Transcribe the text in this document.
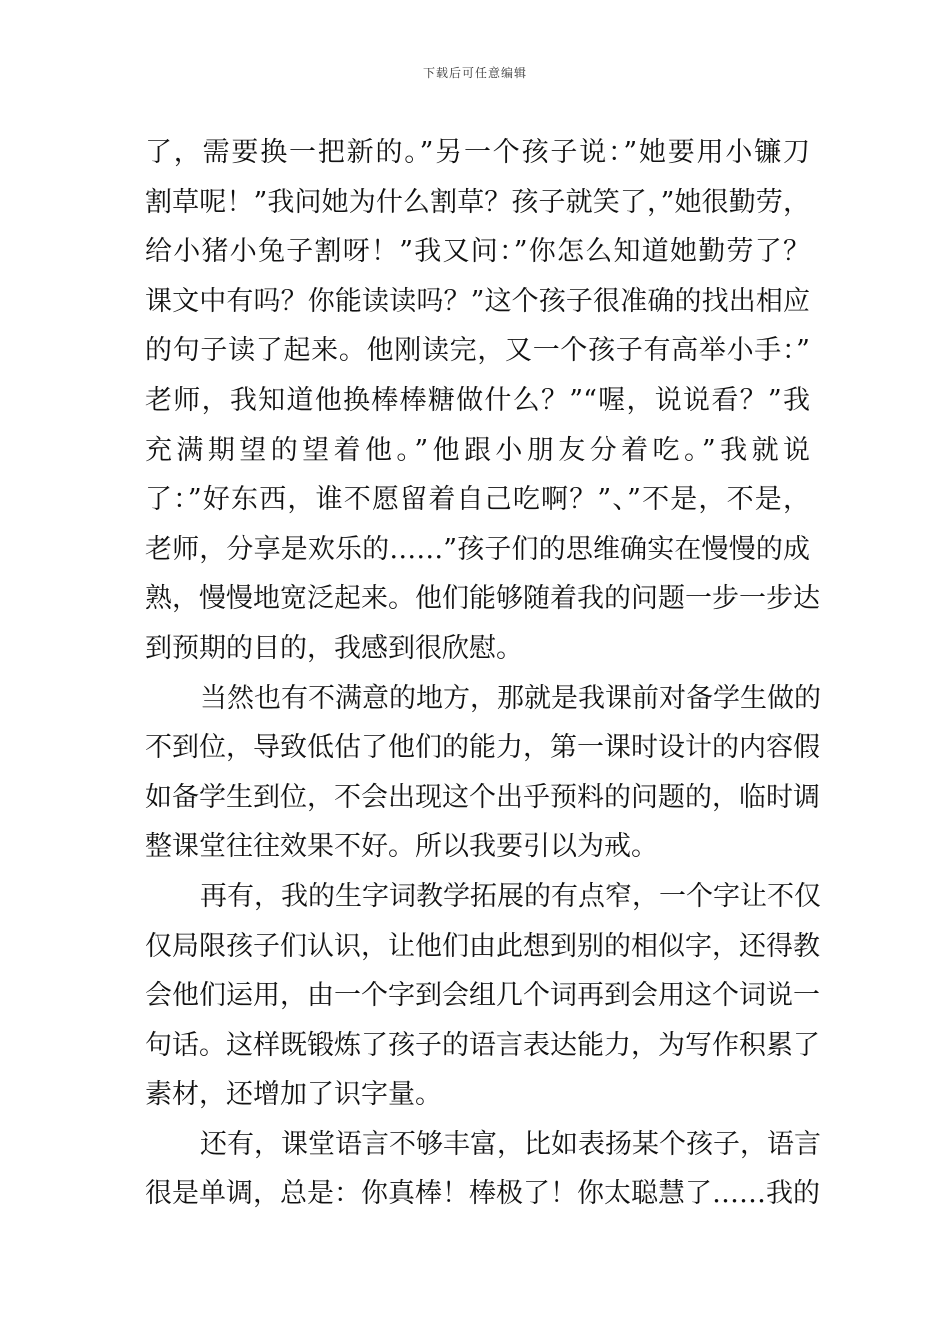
下载后可任意编辑
了，需要换一把新的。”另一个孩子说：”她要用小镰刀
割草呢！”我问她为什么割草？孩子就笑了，”她很勤劳，
给小猪小兔子割呀！”我又问：”你怎么知道她勤劳了？
课文中有吗？你能读读吗？”这个孩子很准确的找出相应
的句子读了起来。他刚读完，又一个孩子有高举小手：”
老师，我知道他换棒棒糖做什么？”“喔，说说看？”我
充满期望的望着他。”他跟小朋友分着吃。”我就说
了：”好东西，谁不愿留着自己吃啊？”、”不是，不是，
老师，分享是欢乐的……”孩子们的思维确实在慢慢的成
熟，慢慢地宽泛起来。他们能够随着我的问题一步一步达
到预期的目的，我感到很欣慰。
当然也有不满意的地方，那就是我课前对备学生做的
不到位，导致低估了他们的能力，第一课时设计的内容假
如备学生到位，不会出现这个出乎预料的问题的，临时调
整课堂往往效果不好。所以我要引以为戒。
再有，我的生字词教学拓展的有点窄，一个字让不仅
仅局限孩子们认识，让他们由此想到别的相似字，还得教
会他们运用，由一个字到会组几个词再到会用这个词说一
句话。这样既锻炼了孩子的语言表达能力，为写作积累了
素材，还增加了识字量。
还有，课堂语言不够丰富，比如表扬某个孩子，语言
很是单调，总是：你真棒！棒极了！你太聪慧了……我的
